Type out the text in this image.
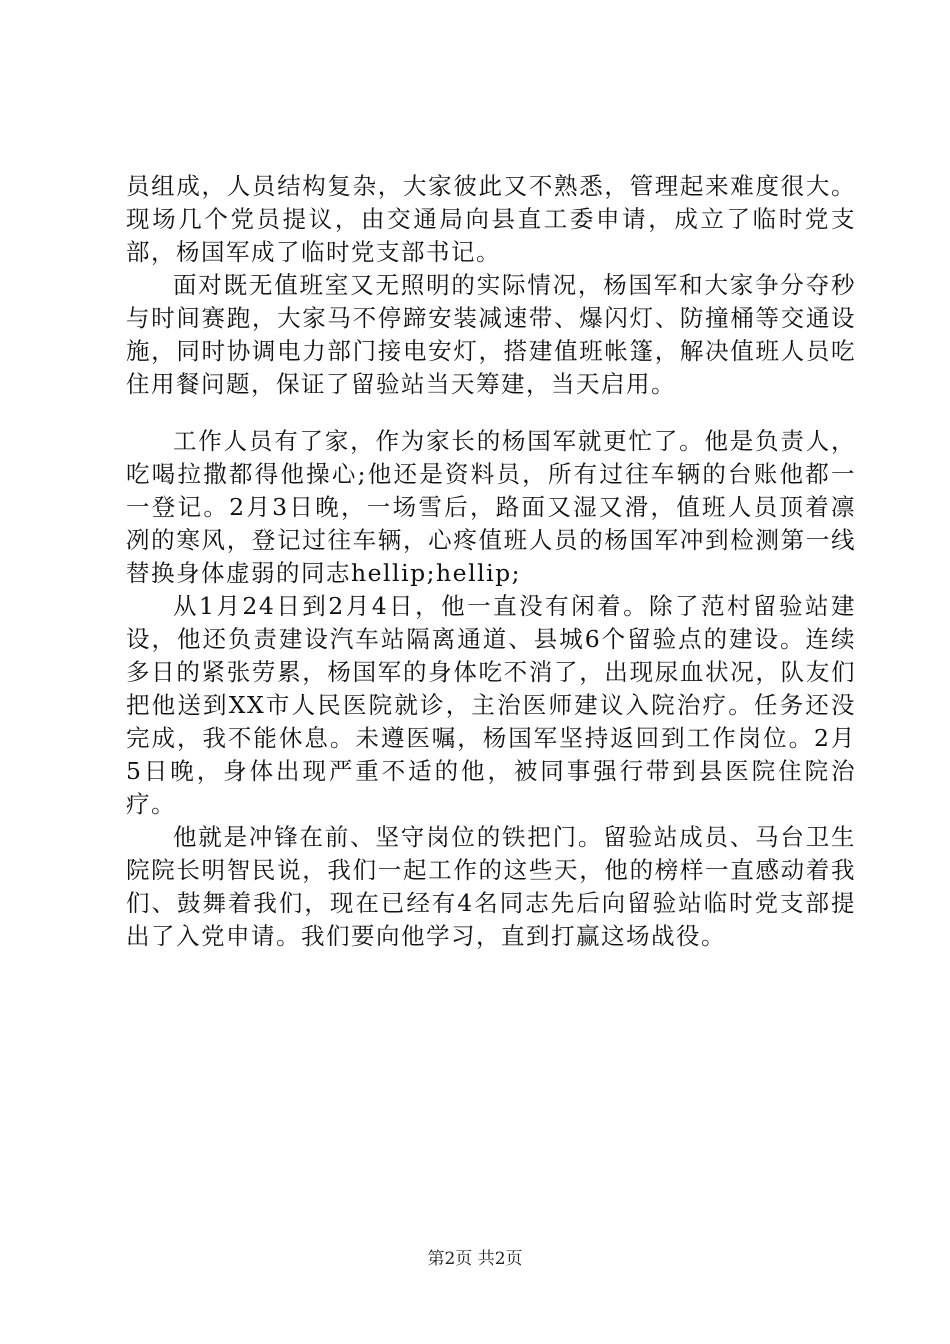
员组成，人员结构复杂，大家彼此又不熟悉，管理起来难度很大。现场几个党员提议，由交通局向县直工委申请，成立了临时党支部，杨国军成了临时党支部书记。

面对既无值班室又无照明的实际情况，杨国军和大家争分夺秒与时间赛跑，大家马不停蹄安装减速带、爆闪灯、防撞桶等交通设施，同时协调电力部门接电安灯，搭建值班帐篷，解决值班人员吃住用餐问题，保证了留验站当天筹建，当天启用。

工作人员有了家，作为家长的杨国军就更忙了。他是负责人，吃喝拉撒都得他操心;他还是资料员，所有过往车辆的台账他都一一登记。2月3日晚，一场雪后，路面又湿又滑，值班人员顶着凛冽的寒风，登记过往车辆，心疼值班人员的杨国军冲到检测第一线替换身体虚弱的同志hellip;hellip;

从1月24日到2月4日，他一直没有闲着。除了范村留验站建设，他还负责建设汽车站隔离通道、县城6个留验点的建设。连续多日的紧张劳累，杨国军的身体吃不消了，出现尿血状况，队友们把他送到XX市人民医院就诊，主治医师建议入院治疗。任务还没完成，我不能休息。未遵医嘱，杨国军坚持返回到工作岗位。2月5日晚，身体出现严重不适的他，被同事强行带到县医院住院治疗。

他就是冲锋在前、坚守岗位的铁把门。留验站成员、马台卫生院院长明智民说，我们一起工作的这些天，他的榜样一直感动着我们、鼓舞着我们，现在已经有4名同志先后向留验站临时党支部提出了入党申请。我们要向他学习，直到打赢这场战役。

第2页 共2页
